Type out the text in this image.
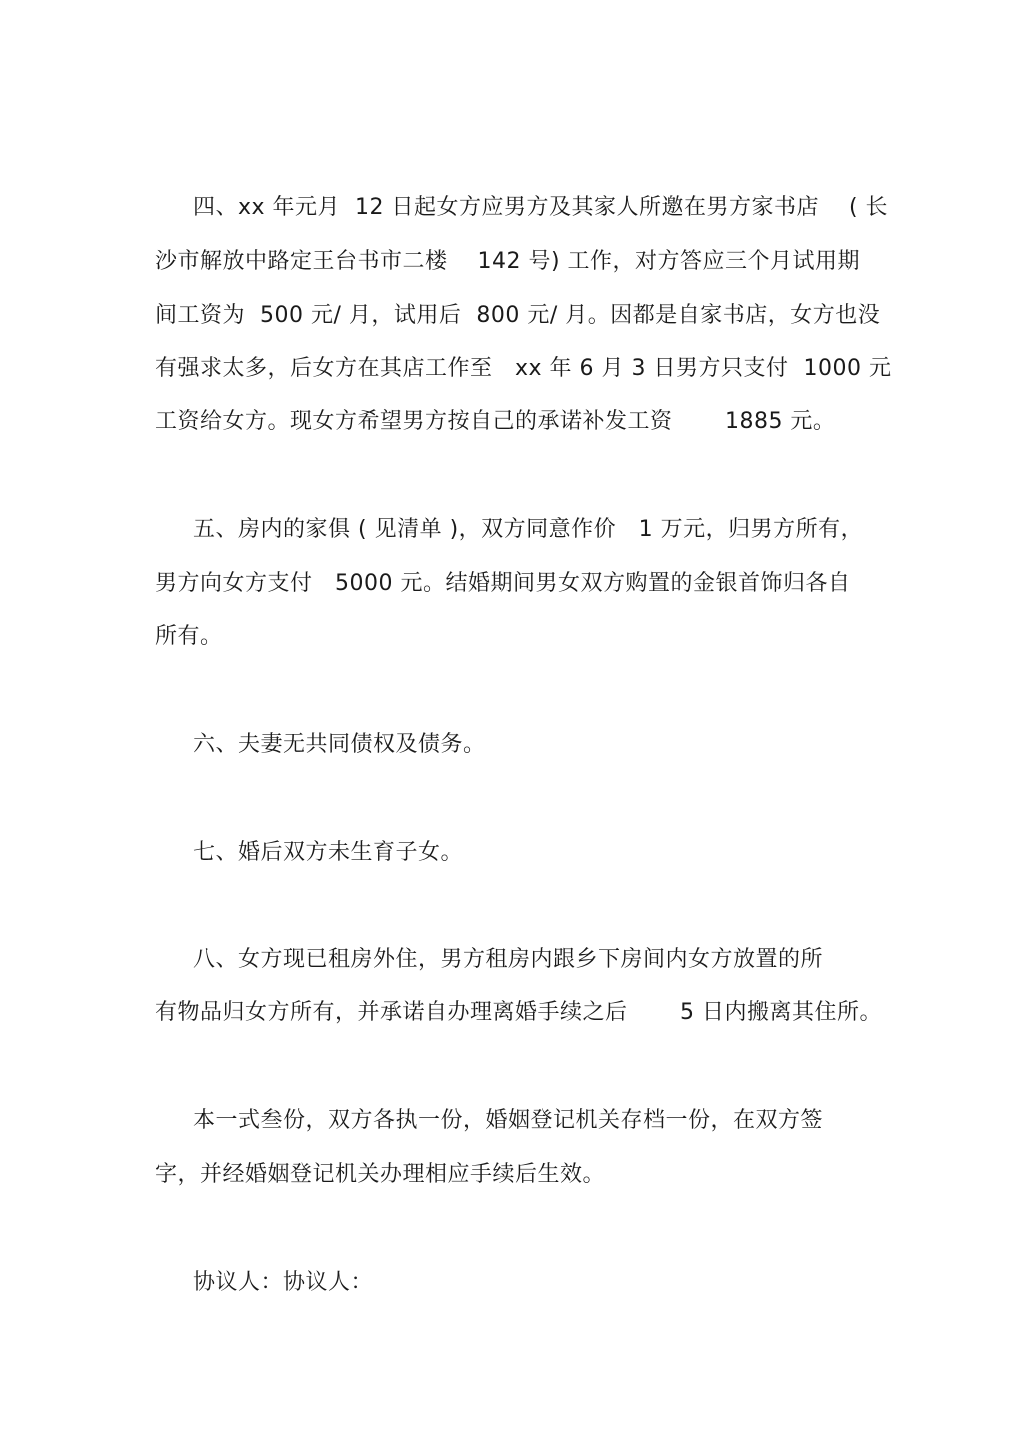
四、xx 年元月  12 日起女方应男方及其家人所邀在男方家书店    ( 长
沙市解放中路定王台书市二楼    142 号) 工作，对方答应三个月试用期
间工资为  500 元/ 月，试用后  800 元/ 月。因都是自家书店，女方也没
有强求太多，后女方在其店工作至   xx 年 6 月 3 日男方只支付  1000 元
工资给女方。现女方希望男方按自己的承诺补发工资       1885 元。
五、房内的家俱 ( 见清单 )，双方同意作价   1 万元，归男方所有，
男方向女方支付   5000 元。结婚期间男女双方购置的金银首饰归各自
所有。
六、夫妻无共同债权及债务。
七、婚后双方未生育子女。
八、女方现已租房外住，男方租房内跟乡下房间内女方放置的所
有物品归女方所有，并承诺自办理离婚手续之后       5 日内搬离其住所。
本一式叁份，双方各执一份，婚姻登记机关存档一份，在双方签
字，并经婚姻登记机关办理相应手续后生效。
协议人：协议人：
